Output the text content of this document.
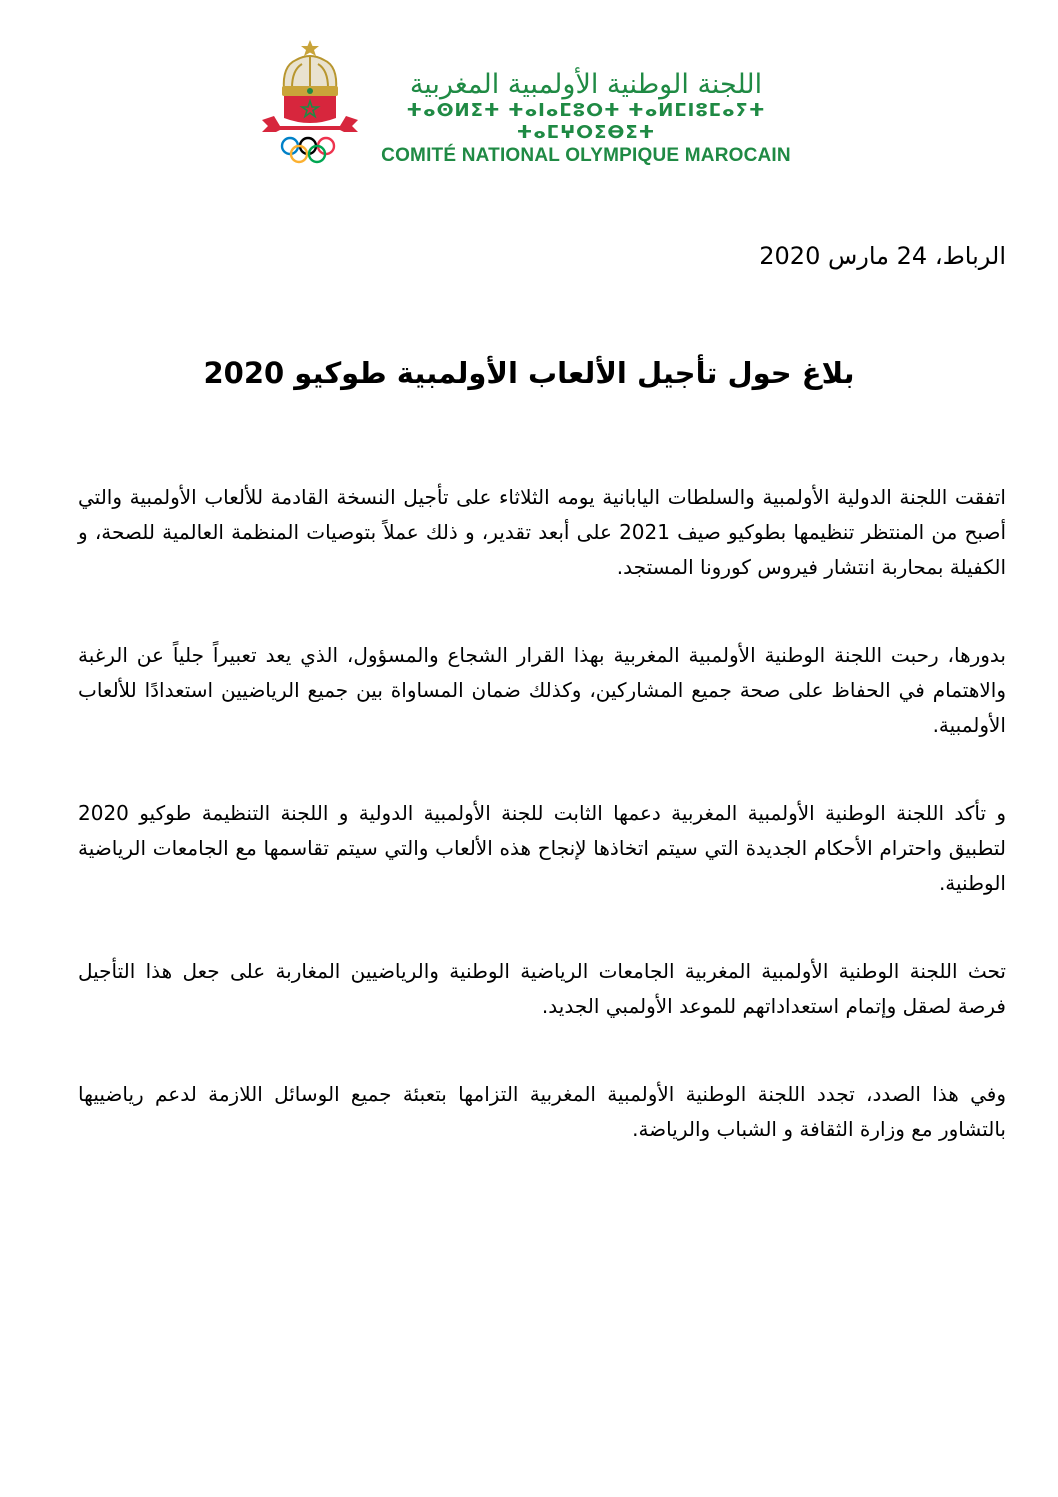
اللجنة الوطنية الأولمبية المغربية
ⵜⴰⵙⵍⵉⵜ ⵜⴰⵏⴰⵎⵓⵔⵜ ⵜⴰⵍⵎⵏⵓⵎⴰⵢⵜ ⵜⴰⵎⵖⵔⵉⴱⵉⵜ
COMITÉ NATIONAL OLYMPIQUE MAROCAIN
الرباط، 24 مارس 2020
بلاغ حول تأجيل الألعاب الأولمبية طوكيو 2020

اتفقت اللجنة الدولية الأولمبية والسلطات اليابانية يومه الثلاثاء على تأجيل النسخة القادمة للألعاب الأولمبية والتي أصبح من المنتظر تنظيمها بطوكيو صيف 2021 على أبعد تقدير، و ذلك عملاً بتوصيات المنظمة العالمية للصحة، و الكفيلة بمحاربة انتشار فيروس كورونا المستجد.

بدورها، رحبت اللجنة الوطنية الأولمبية المغربية بهذا القرار الشجاع والمسؤول، الذي يعد تعبيراً جلياً عن الرغبة والاهتمام في الحفاظ على صحة جميع المشاركين، وكذلك ضمان المساواة بين جميع الرياضيين استعدادًا للألعاب الأولمبية.

و تأكد اللجنة الوطنية الأولمبية المغربية دعمها الثابت للجنة الأولمبية الدولية و اللجنة التنظيمة طوكيو 2020 لتطبيق واحترام الأحكام الجديدة التي سيتم اتخاذها لإنجاح هذه الألعاب والتي سيتم تقاسمها مع الجامعات الرياضية الوطنية.

تحث اللجنة الوطنية الأولمبية المغربية الجامعات الرياضية الوطنية والرياضيين المغاربة على جعل هذا التأجيل فرصة لصقل وإتمام استعداداتهم للموعد الأولمبي الجديد.

وفي هذا الصدد، تجدد اللجنة الوطنية الأولمبية المغربية التزامها بتعبئة جميع الوسائل اللازمة لدعم رياضييها بالتشاور مع وزارة الثقافة و الشباب والرياضة.
